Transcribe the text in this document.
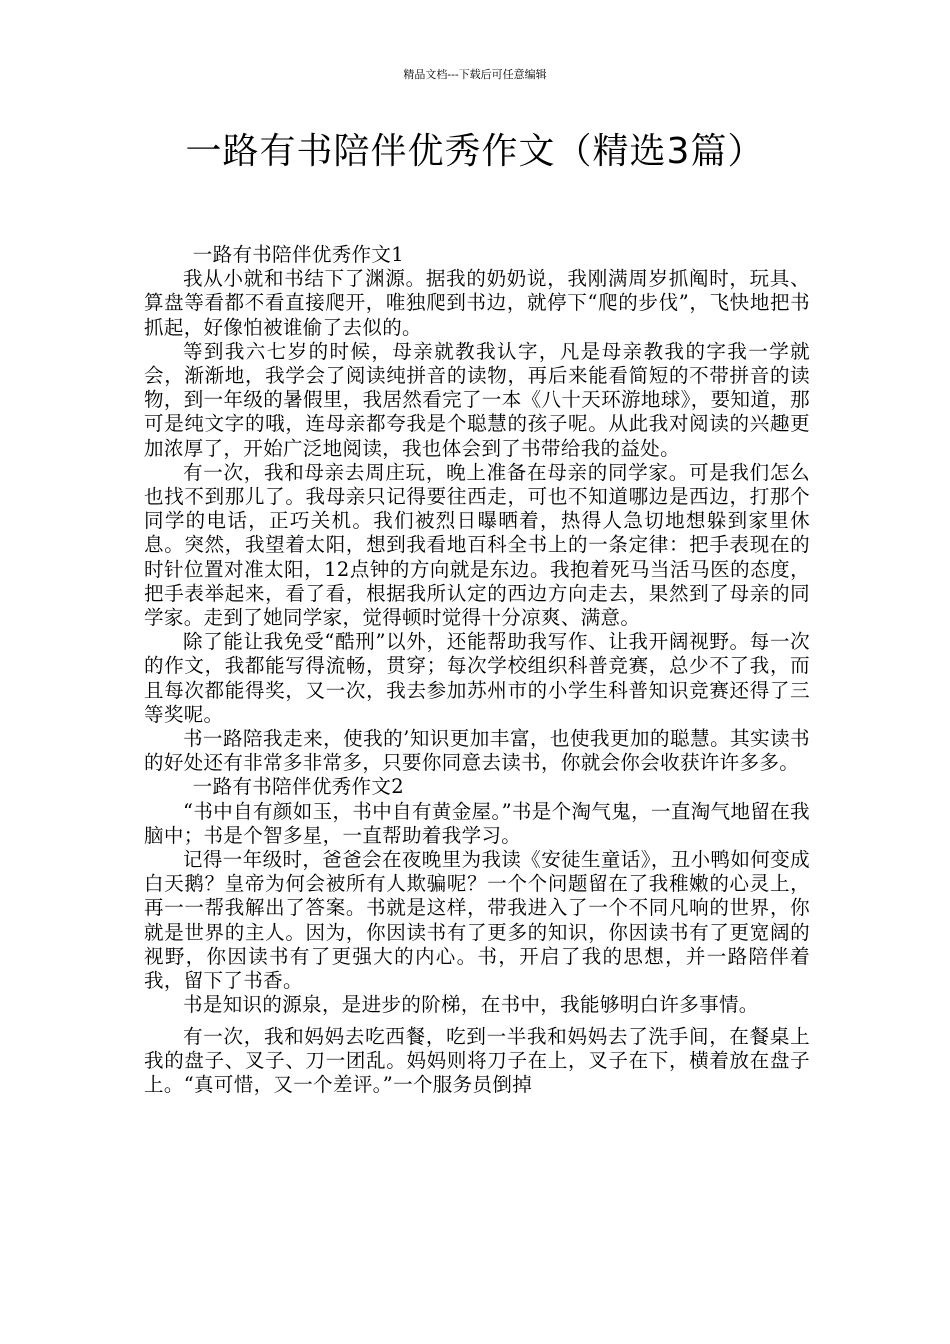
精品文档---下载后可任意编辑
一路有书陪伴优秀作文（精选3篇）

一路有书陪伴优秀作文1

我从小就和书结下了渊源。据我的奶奶说，我刚满周岁抓阄时，玩具、算盘等看都不看直接爬开，唯独爬到书边，就停下“爬的步伐”，飞快地把书抓起，好像怕被谁偷了去似的。

等到我六七岁的时候，母亲就教我认字，凡是母亲教我的字我一学就会，渐渐地，我学会了阅读纯拼音的读物，再后来能看简短的不带拼音的读物，到一年级的暑假里，我居然看完了一本《八十天环游地球》，要知道，那可是纯文字的哦，连母亲都夸我是个聪慧的孩子呢。从此我对阅读的兴趣更加浓厚了，开始广泛地阅读，我也体会到了书带给我的益处。

有一次，我和母亲去周庄玩，晚上准备在母亲的同学家。可是我们怎么也找不到那儿了。我母亲只记得要往西走，可也不知道哪边是西边，打那个同学的电话，正巧关机。我们被烈日曝晒着，热得人急切地想躲到家里休息。突然，我望着太阳，想到我看地百科全书上的一条定律：把手表现在的时针位置对准太阳，12点钟的方向就是东边。我抱着死马当活马医的态度，把手表举起来，看了看，根据我所认定的西边方向走去，果然到了母亲的同学家。走到了她同学家，觉得顿时觉得十分凉爽、满意。

除了能让我免受“酷刑”以外，还能帮助我写作、让我开阔视野。每一次的作文，我都能写得流畅，贯穿；每次学校组织科普竞赛，总少不了我，而且每次都能得奖，又一次，我去参加苏州市的小学生科普知识竞赛还得了三等奖呢。

书一路陪我走来，使我的’知识更加丰富，也使我更加的聪慧。其实读书的好处还有非常多非常多，只要你同意去读书，你就会你会收获许许多多。

一路有书陪伴优秀作文2

“书中自有颜如玉，书中自有黄金屋。”书是个淘气鬼，一直淘气地留在我脑中；书是个智多星，一直帮助着我学习。

记得一年级时，爸爸会在夜晚里为我读《安徒生童话》，丑小鸭如何变成白天鹅？皇帝为何会被所有人欺骗呢？一个个问题留在了我稚嫩的心灵上，再一一帮我解出了答案。书就是这样，带我进入了一个不同凡响的世界，你就是世界的主人。因为，你因读书有了更多的知识，你因读书有了更宽阔的视野，你因读书有了更强大的内心。书，开启了我的思想，并一路陪伴着我，留下了书香。

书是知识的源泉，是进步的阶梯，在书中，我能够明白许多事情。

有一次，我和妈妈去吃西餐，吃到一半我和妈妈去了洗手间，在餐桌上我的盘子、叉子、刀一团乱。妈妈则将刀子在上，叉子在下，横着放在盘子上。“真可惜，又一个差评。”一个服务员倒掉
